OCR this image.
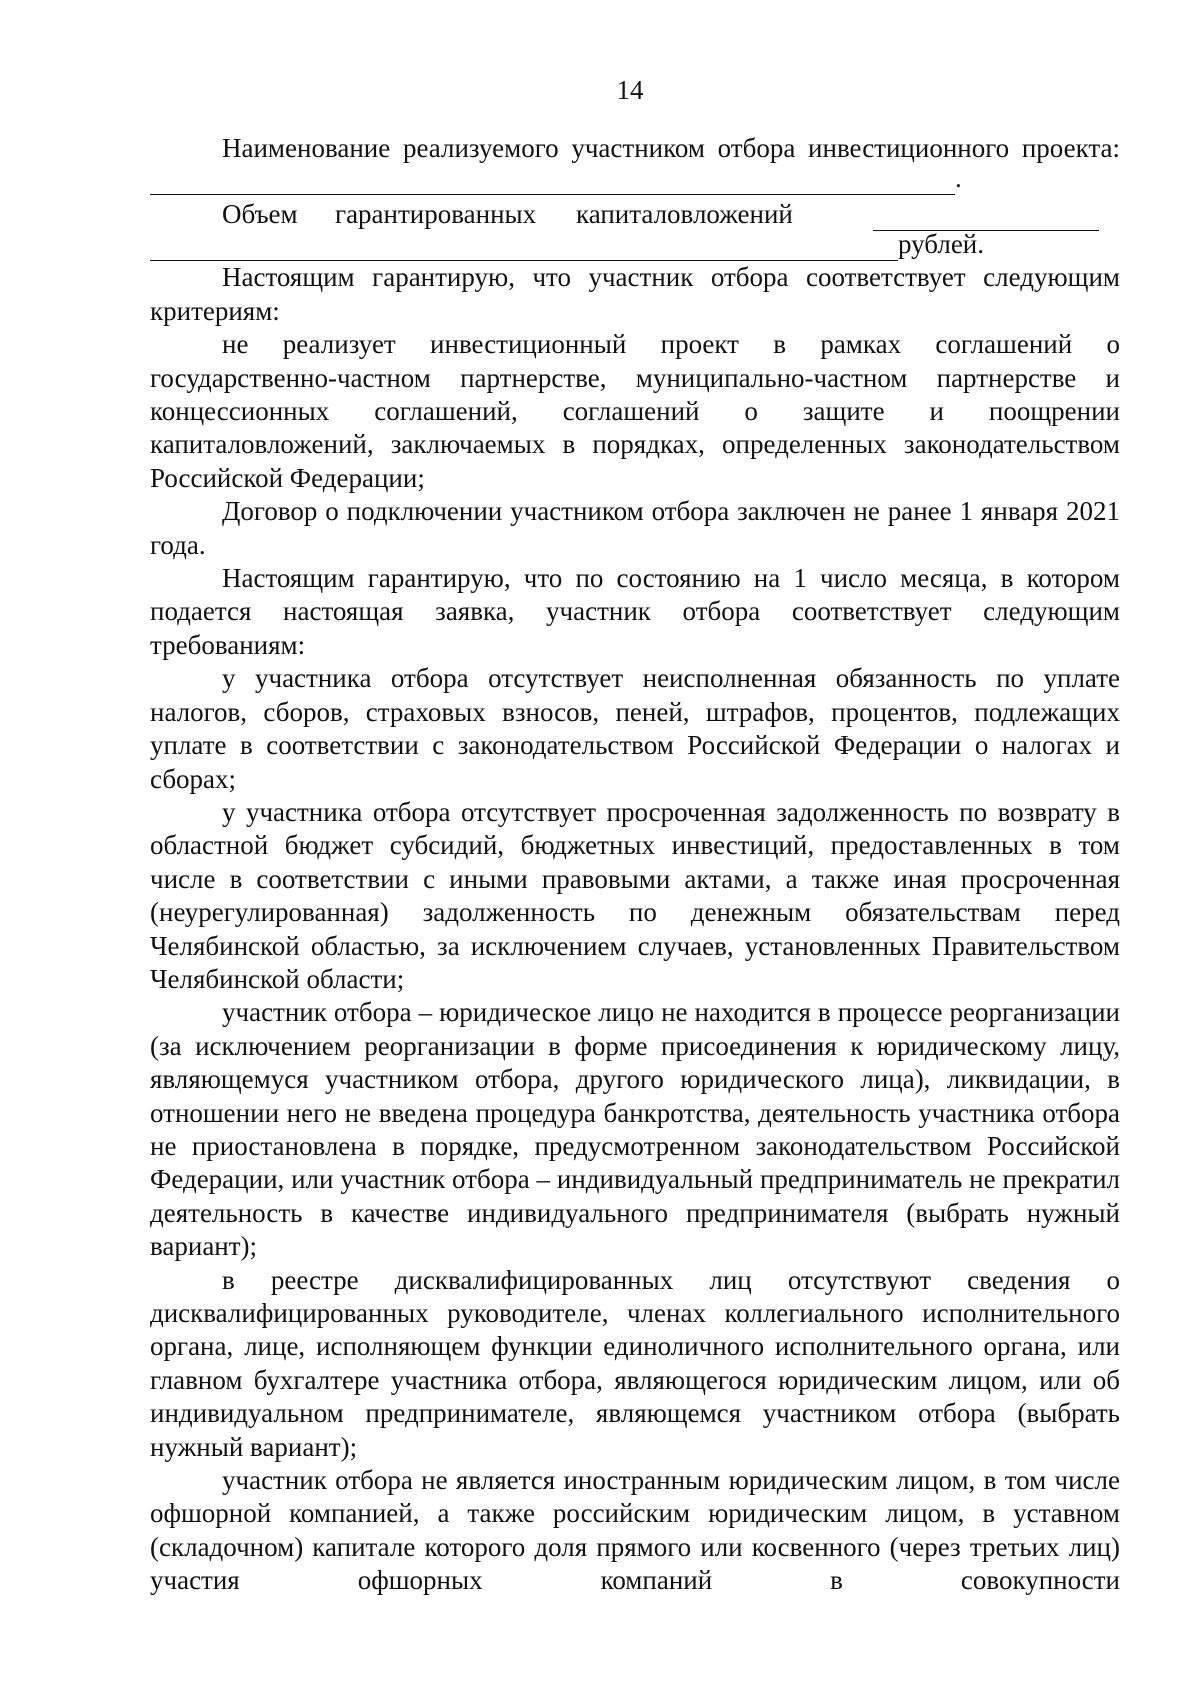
14

Наименование реализуемого участником отбора инвестиционного проекта:

.
Объем	гарантированных	капиталовложений
рублей.

Настоящим гарантирую, что участник отбора соответствует следующим критериям:

не реализует инвестиционный проект в рамках соглашений о государственно-частном партнерстве, муниципально-частном партнерстве и концессионных соглашений, соглашений о защите и поощрении капиталовложений, заключаемых в порядках, определенных законодательством Российской Федерации;

Договор о подключении участником отбора заключен не ранее 1 января 2021 года.

Настоящим гарантирую, что по состоянию на 1 число месяца, в котором подается настоящая заявка, участник отбора соответствует следующим требованиям:

у участника отбора отсутствует неисполненная обязанность по уплате налогов, сборов, страховых взносов, пеней, штрафов, процентов, подлежащих уплате в соответствии с законодательством Российской Федерации о налогах и сборах;

у участника отбора отсутствует просроченная задолженность по возврату в областной бюджет субсидий, бюджетных инвестиций, предоставленных в том числе в соответствии с иными правовыми актами, а также иная просроченная (неурегулированная) задолженность по денежным обязательствам перед Челябинской областью, за исключением случаев, установленных Правительством Челябинской области;

участник отбора – юридическое лицо не находится в процессе реорганизации (за исключением реорганизации в форме присоединения к юридическому лицу, являющемуся участником отбора, другого юридического лица), ликвидации, в отношении него не введена процедура банкротства, деятельность участника отбора не приостановлена в порядке, предусмотренном законодательством Российской Федерации, или участник отбора – индивидуальный предприниматель не прекратил деятельность в качестве индивидуального предпринимателя (выбрать нужный вариант);

в реестре дисквалифицированных лиц отсутствуют сведения о дисквалифицированных руководителе, членах коллегиального исполнительного органа, лице, исполняющем функции единоличного исполнительного органа, или главном бухгалтере участника отбора, являющегося юридическим лицом, или об индивидуальном предпринимателе, являющемся участником отбора (выбрать нужный вариант);

участник отбора не является иностранным юридическим лицом, в том числе офшорной компанией, а также российским юридическим лицом, в уставном (складочном) капитале которого доля прямого или косвенного (через третьих лиц) участия офшорных компаний в совокупности
